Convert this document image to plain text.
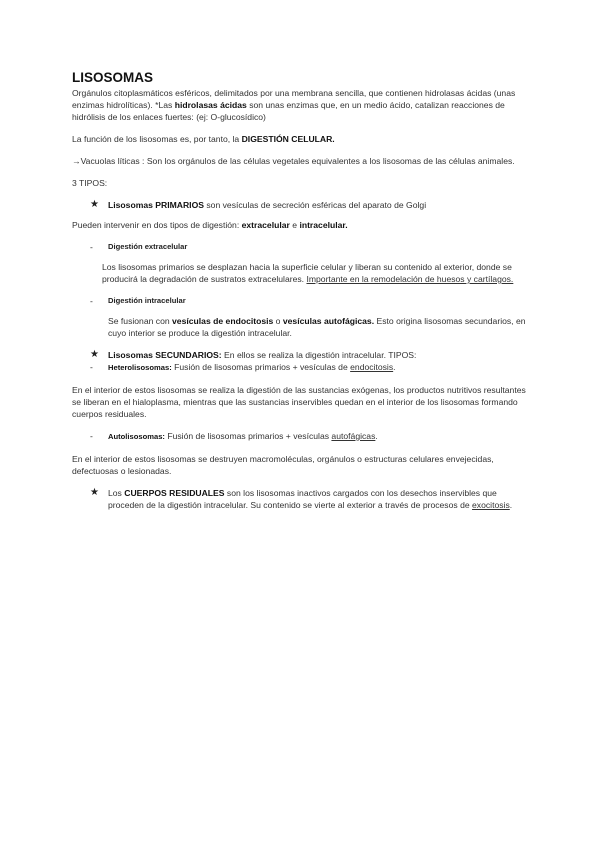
LISOSOMAS

Orgánulos citoplasmáticos esféricos, delimitados por una membrana sencilla, que contienen hidrolasas ácidas (unas enzimas hidrolíticas). *Las hidrolasas ácidas son unas enzimas que, en un medio ácido, catalizan reacciones de hidrólisis de los enlaces fuertes: (ej: O-glucosídico)

La función de los lisosomas es, por tanto, la DIGESTIÓN CELULAR.

→Vacuolas líticas : Son los orgánulos de las células vegetales equivalentes a los lisosomas de las células animales.

3 TIPOS:

★ Lisosomas PRIMARIOS son vesículas de secreción esféricas del aparato de Golgi

Pueden intervenir en dos tipos de digestión: extracelular e intracelular.

- Digestión extracelular

Los lisosomas primarios se desplazan hacia la superficie celular y liberan su contenido al exterior, donde se producirá la degradación de sustratos extracelulares. Importante en la remodelación de huesos y cartílagos.

- Digestión intracelular

Se fusionan con vesículas de endocitosis o vesículas autofágicas. Esto origina lisosomas secundarios, en cuyo interior se produce la digestión intracelular.

★ Lisosomas SECUNDARIOS: En ellos se realiza la digestión intracelular. TIPOS:

- Heterolisosomas: Fusión de lisosomas primarios + vesículas de endocitosis.

En el interior de estos lisosomas se realiza la digestión de las sustancias exógenas, los productos nutritivos resultantes se liberan en el hialoplasma, mientras que las sustancias inservibles quedan en el interior de los lisosomas formando cuerpos residuales.

- Autolisosomas: Fusión de lisosomas primarios + vesículas autofágicas.

En el interior de estos lisosomas se destruyen macromoléculas, orgánulos o estructuras celulares envejecidas, defectuosas o lesionadas.

★ Los CUERPOS RESIDUALES son los lisosomas inactivos cargados con los desechos inservibles que proceden de la digestión intracelular. Su contenido se vierte al exterior a través de procesos de exocitosis.
